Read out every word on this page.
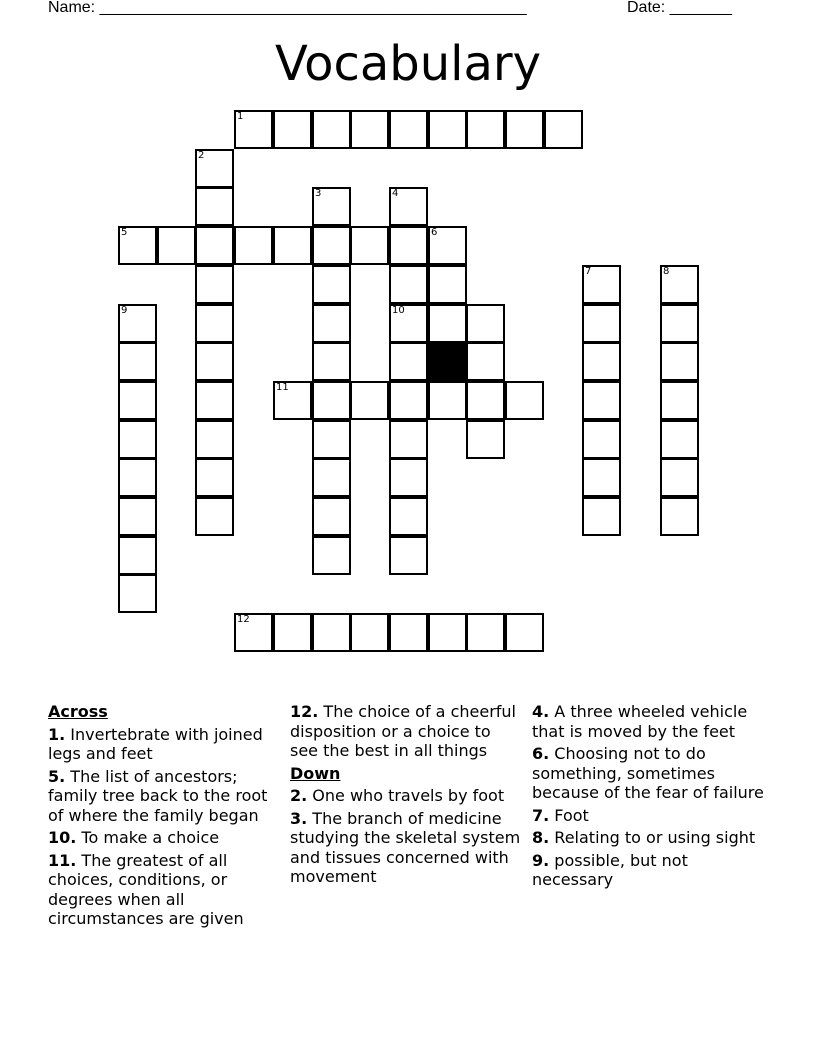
Name: ________________________________________________	Date: _______
Vocabulary
1
2
3	4
5	6
7	8
9	10
11
12
Across

1. Invertebrate with joined legs and feet

5. The list of ancestors; family tree back to the root of where the family began

10. To make a choice

11. The greatest of all choices, conditions, or degrees when all circumstances are given

12. The choice of a cheerful disposition or a choice to see the best in all things

Down

2. One who travels by foot

3. The branch of medicine studying the skeletal system and tissues concerned with movement

4. A three wheeled vehicle that is moved by the feet

6. Choosing not to do something, sometimes because of the fear of failure

7. Foot

8. Relating to or using sight

9. possible, but not necessary
